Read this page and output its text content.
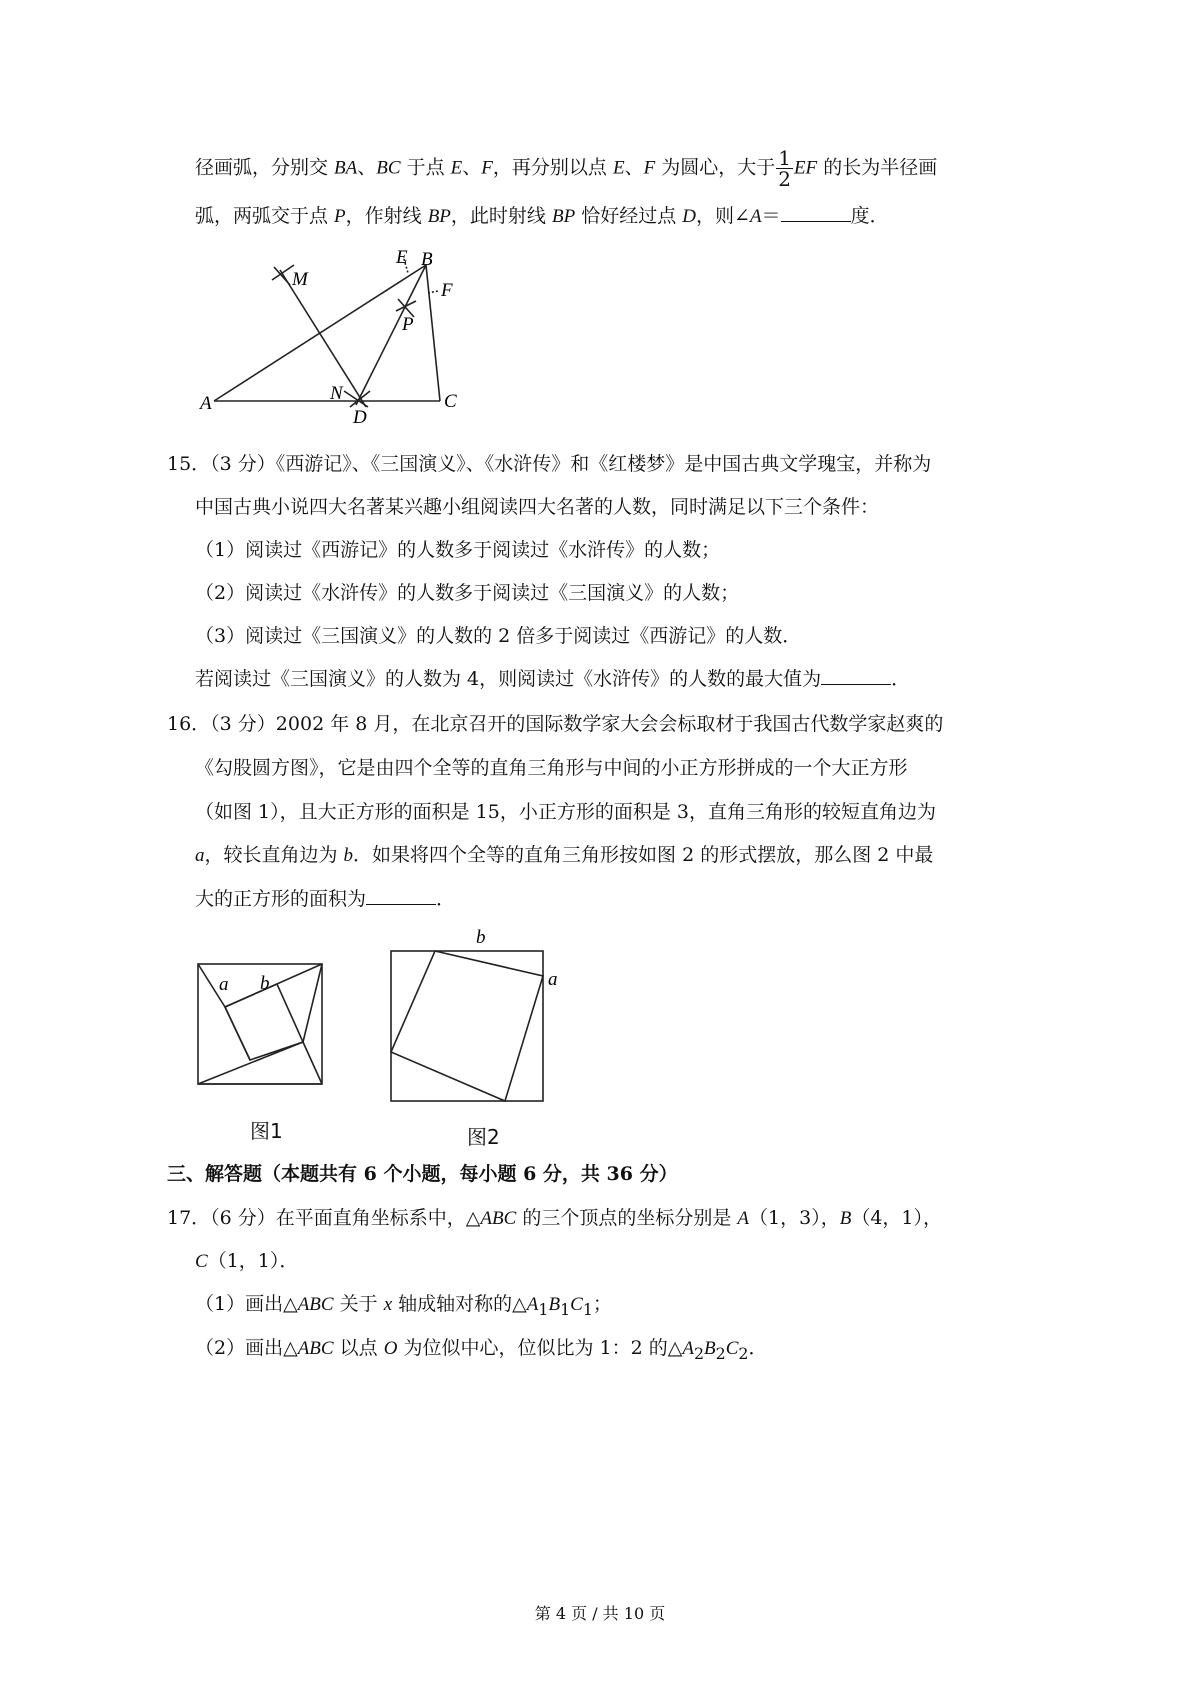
径画弧，分别交 BA、BC 于点 E、F，再分别以点 E、F 为圆心，大于 $\frac{1}{2}$ EF 的长为半径画
弧，两弧交于点 P，作射线 BP，此时射线 BP 恰好经过点 D，则∠A＝	度．
M
E B
F
P
A	N
D
C
15．（3 分）《西游记》、《三国演义》、《水浒传》和《红楼梦》是中国古典文学瑰宝，并称为
中国古典小说四大名著某兴趣小组阅读四大名著的人数，同时满足以下三个条件：
（1）阅读过《西游记》的人数多于阅读过《水浒传》的人数；
（2）阅读过《水浒传》的人数多于阅读过《三国演义》的人数；
（3）阅读过《三国演义》的人数的 2 倍多于阅读过《西游记》的人数．
若阅读过《三国演义》的人数为 4，则阅读过《水浒传》的人数的最大值为	．
16．（3 分）2002 年 8 月，在北京召开的国际数学家大会会标取材于我国古代数学家赵爽的
《勾股圆方图》，它是由四个全等的直角三角形与中间的小正方形拼成的一个大正方形
（如图 1），且大正方形的面积是 15，小正方形的面积是 3，直角三角形的较短直角边为
a，较长直角边为 b．如果将四个全等的直角三角形按如图 2 的形式摆放，那么图 2 中最
大的正方形的面积为	．
a b
图1
b
a
图2
三、解答题（本题共有 6 个小题，每小题 6 分，共 36 分）
17．（6 分）在平面直角坐标系中，△ABC 的三个顶点的坐标分别是 A（1，3），B（4，1），
C（1，1）．
（1）画出△ABC 关于 x 轴成轴对称的$\triangle A_1B_1C_1$；
（2）画出△ABC 以点 O 为位似中心，位似比为 1：2 的$\triangle A_2B_2C_2$．
第 4 页 / 共 10 页
